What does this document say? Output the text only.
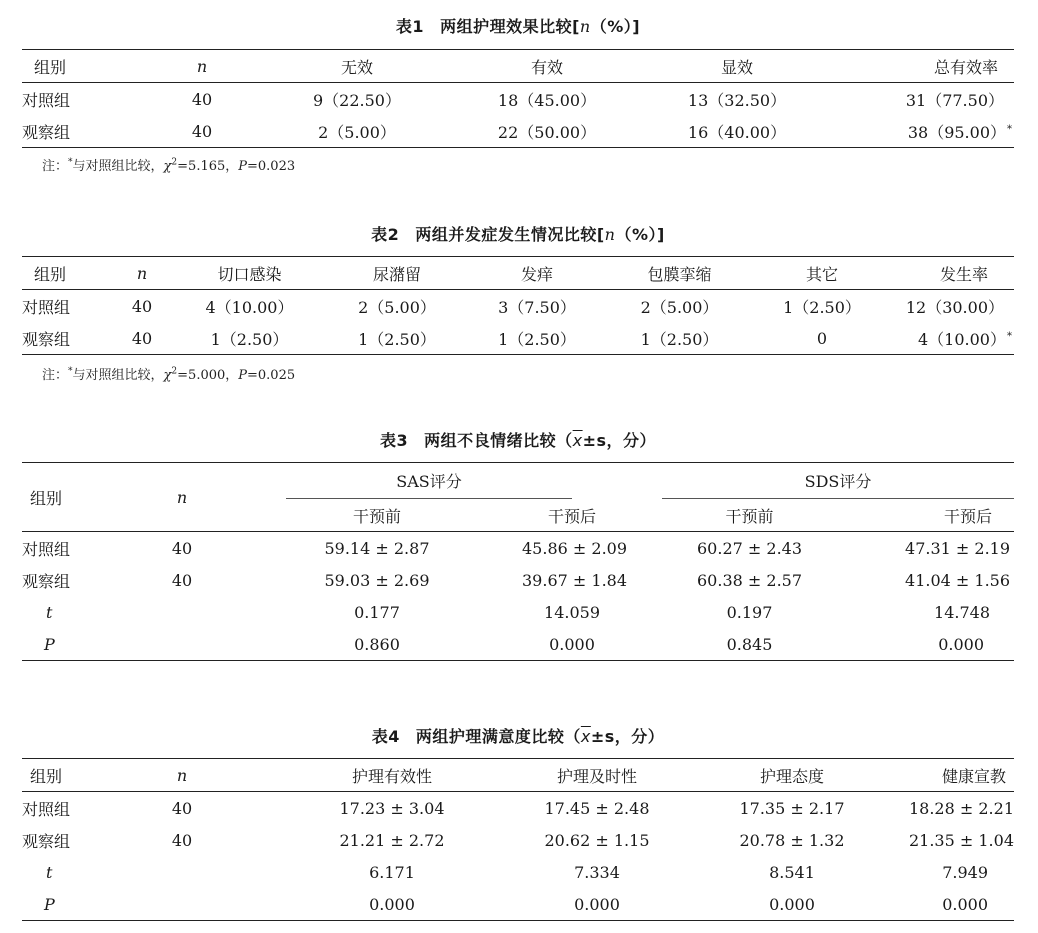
表1 两组护理效果比较[n（%）]
组别	n	无效	有效	显效	总有效率
对照组	40	9（22.50）	18（45.00）	13（32.50）	31（77.50）
观察组	40	2（5.00）	22（50.00）	16（40.00）	38（95.00）*
注：*与对照组比较，$\chi^2=5.165$，P=0.023
表2 两组并发症发生情况比较[n（%）]
组别	n	切口感染	尿潴留	发痒	包膜挛缩	其它	发生率
对照组	40	4（10.00）	2（5.00）	3（7.50）	2（5.00）	1（2.50）	12（30.00）
观察组	40	1（2.50）	1（2.50）	1（2.50）	1（2.50）	0	4（10.00）*
注：*与对照组比较，$\chi^2=5.000$，P=0.025
表3 两组不良情绪比较（$\overline{x}\pm s$，分）
组别	n	SAS评分		SDS评分	

		干预前	干预后	干预前	干预后
对照组	40	59.14 ± 2.87	45.86 ± 2.09	60.27 ± 2.43	47.31 ± 2.19
观察组	40	59.03 ± 2.69	39.67 ± 1.84	60.38 ± 2.57	41.04 ± 1.56
t		0.177	14.059	0.197	14.748
P		0.860	0.000	0.845	0.000
表4 两组护理满意度比较（$\overline{x}\pm s$，分）
组别	n	护理有效性	护理及时性	护理态度	健康宣教
对照组	40	17.23 ± 3.04	17.45 ± 2.48	17.35 ± 2.17	18.28 ± 2.21
观察组	40	21.21 ± 2.72	20.62 ± 1.15	20.78 ± 1.32	21.35 ± 1.04
t		6.171	7.334	8.541	7.949
P		0.000	0.000	0.000	0.000
